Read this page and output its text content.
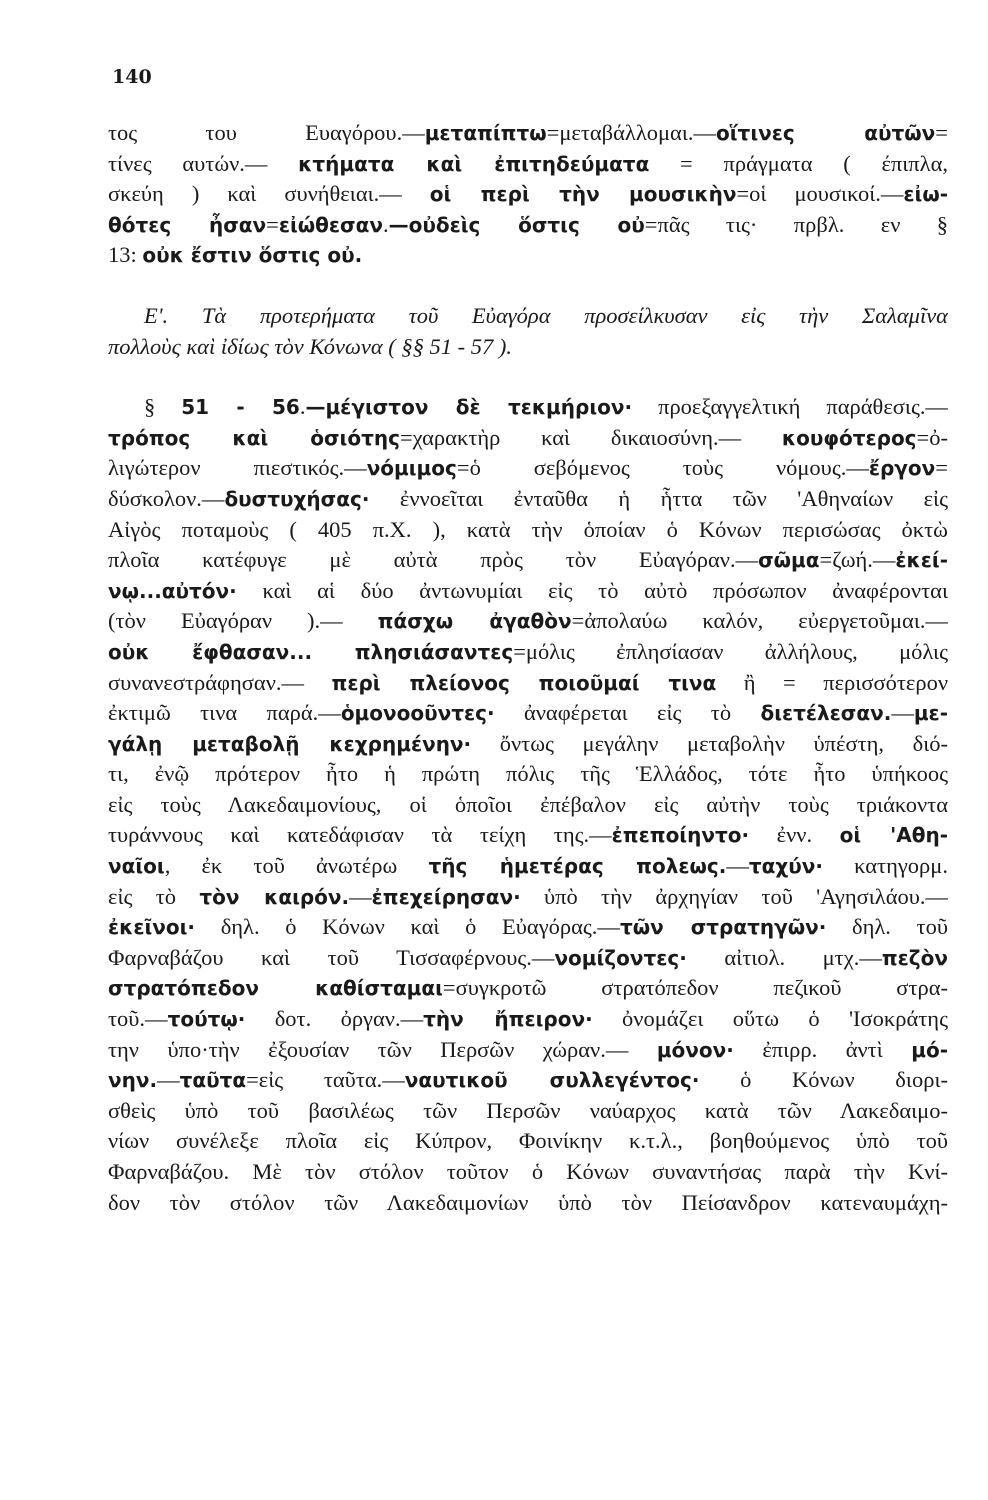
140
τος του Ευαγόρου.—μεταπίπτω=μεταβάλλομαι.—οἵτινες αὐτῶν=
τίνες αυτών.— κτήματα καὶ ἐπιτηδεύματα = πράγματα ( έπιπλα,
σκεύη ) καὶ συνήθειαι.— οἱ περὶ τὴν μουσικὴν=οἱ μουσικοί.—εἰω-
θότες ἦσαν=εἰώθεσαν.—οὐδεὶς ὅστις οὐ=πᾶς τις· πρβλ. εν §
13: οὐκ ἔστιν ὅστις οὐ.
Ε'. Τὰ προτερήματα τοῦ Εὐαγόρα προσείλκυσαν εἰς τὴν Σαλαμῖνα
πολλοὺς καὶ ἰδίως τὸν Κόνωνα ( §§ 51 - 57 ).
§ 51 - 56.—μέγιστον δὲ τεκμήριον· προεξαγγελτική παράθεσις.—
τρόπος καὶ ὁσιότης=χαρακτὴρ καὶ δικαιοσύνη.— κουφότερος=ὀ-
λιγώτερον πιεστικός.—νόμιμος=ὁ σεβόμενος τοὺς νόμους.—ἔργον=
δύσκολον.—δυστυχήσας· ἐννοεῖται ἐνταῦθα ἡ ἧττα τῶν 'Αθηναίων εἰς
Αἰγὸς ποταμοὺς ( 405 π.Χ. ), κατὰ τὴν ὁποίαν ὁ Κόνων περισώσας ὀκτὼ
πλοῖα κατέφυγε μὲ αὐτὰ πρὸς τὸν Εὐαγόραν.—σῶμα=ζωή.—ἐκεί-
νῳ...αὐτόν· καὶ αἱ δύο ἀντωνυμίαι εἰς τὸ αὐτὸ πρόσωπον ἀναφέρονται
(τὸν Εὐαγόραν ).— πάσχω ἀγαθὸν=ἀπολαύω καλόν, εὐεργετοῦμαι.—
οὐκ ἔφθασαν... πλησιάσαντες=μόλις ἐπλησίασαν ἀλλήλους, μόλις
συνανεστράφησαν.— περὶ πλείονος ποιοῦμαί τινα ἢ = περισσότερον
ἐκτιμῶ τινα παρά.—ὁμονοοῦντες· ἀναφέρεται εἰς τὸ διετέλεσαν.—με-
γάλῃ μεταβολῇ κεχρημένην· ὄντως μεγάλην μεταβολὴν ὑπέστη, διό-
τι, ἐνῷ πρότερον ἦτο ἡ πρώτη πόλις τῆς Ἑλλάδος, τότε ἦτο ὑπήκοος
εἰς τοὺς Λακεδαιμονίους, οἱ ὁποῖοι ἐπέβαλον εἰς αὐτὴν τοὺς τριάκοντα
τυράννους καὶ κατεδάφισαν τὰ τείχη της.—ἐπεποίηντο· ἐνν. οἱ 'Αθη-
ναῖοι, ἐκ τοῦ ἀνωτέρω τῆς ἡμετέρας πολεως.—ταχύν· κατηγορμ.
εἰς τὸ τὸν καιρόν.—ἐπεχείρησαν· ὑπὸ τὴν ἀρχηγίαν τοῦ 'Αγησιλάου.—
ἐκεῖνοι· δηλ. ὁ Κόνων καὶ ὁ Εὐαγόρας.—τῶν στρατηγῶν· δηλ. τοῦ
Φαρναβάζου καὶ τοῦ Τισσαφέρνους.—νομίζοντες· αἰτιολ. μτχ.—πεζὸν
στρατόπεδον καθίσταμαι=συγκροτῶ στρατόπεδον πεζικοῦ στρα-
τοῦ.—τούτῳ· δοτ. ὀργαν.—τὴν ἤπειρον· ὀνομάζει οὕτω ὁ 'Ισοκράτης
την ὑπο·τὴν ἐξουσίαν τῶν Περσῶν χώραν.— μόνον· ἐπιρρ. ἀντὶ μό-
νην.—ταῦτα=εἰς ταῦτα.—ναυτικοῦ συλλεγέντος· ὁ Κόνων διορι-
σθεὶς ὑπὸ τοῦ βασιλέως τῶν Περσῶν ναύαρχος κατὰ τῶν Λακεδαιμο-
νίων συνέλεξε πλοῖα εἰς Κύπρον, Φοινίκην κ.τ.λ., βοηθούμενος ὑπὸ τοῦ
Φαρναβάζου. Μὲ τὸν στόλον τοῦτον ὁ Κόνων συναντήσας παρὰ τὴν Κνί-
δον τὸν στόλον τῶν Λακεδαιμονίων ὑπὸ τὸν Πείσανδρον κατεναυμάχη-
